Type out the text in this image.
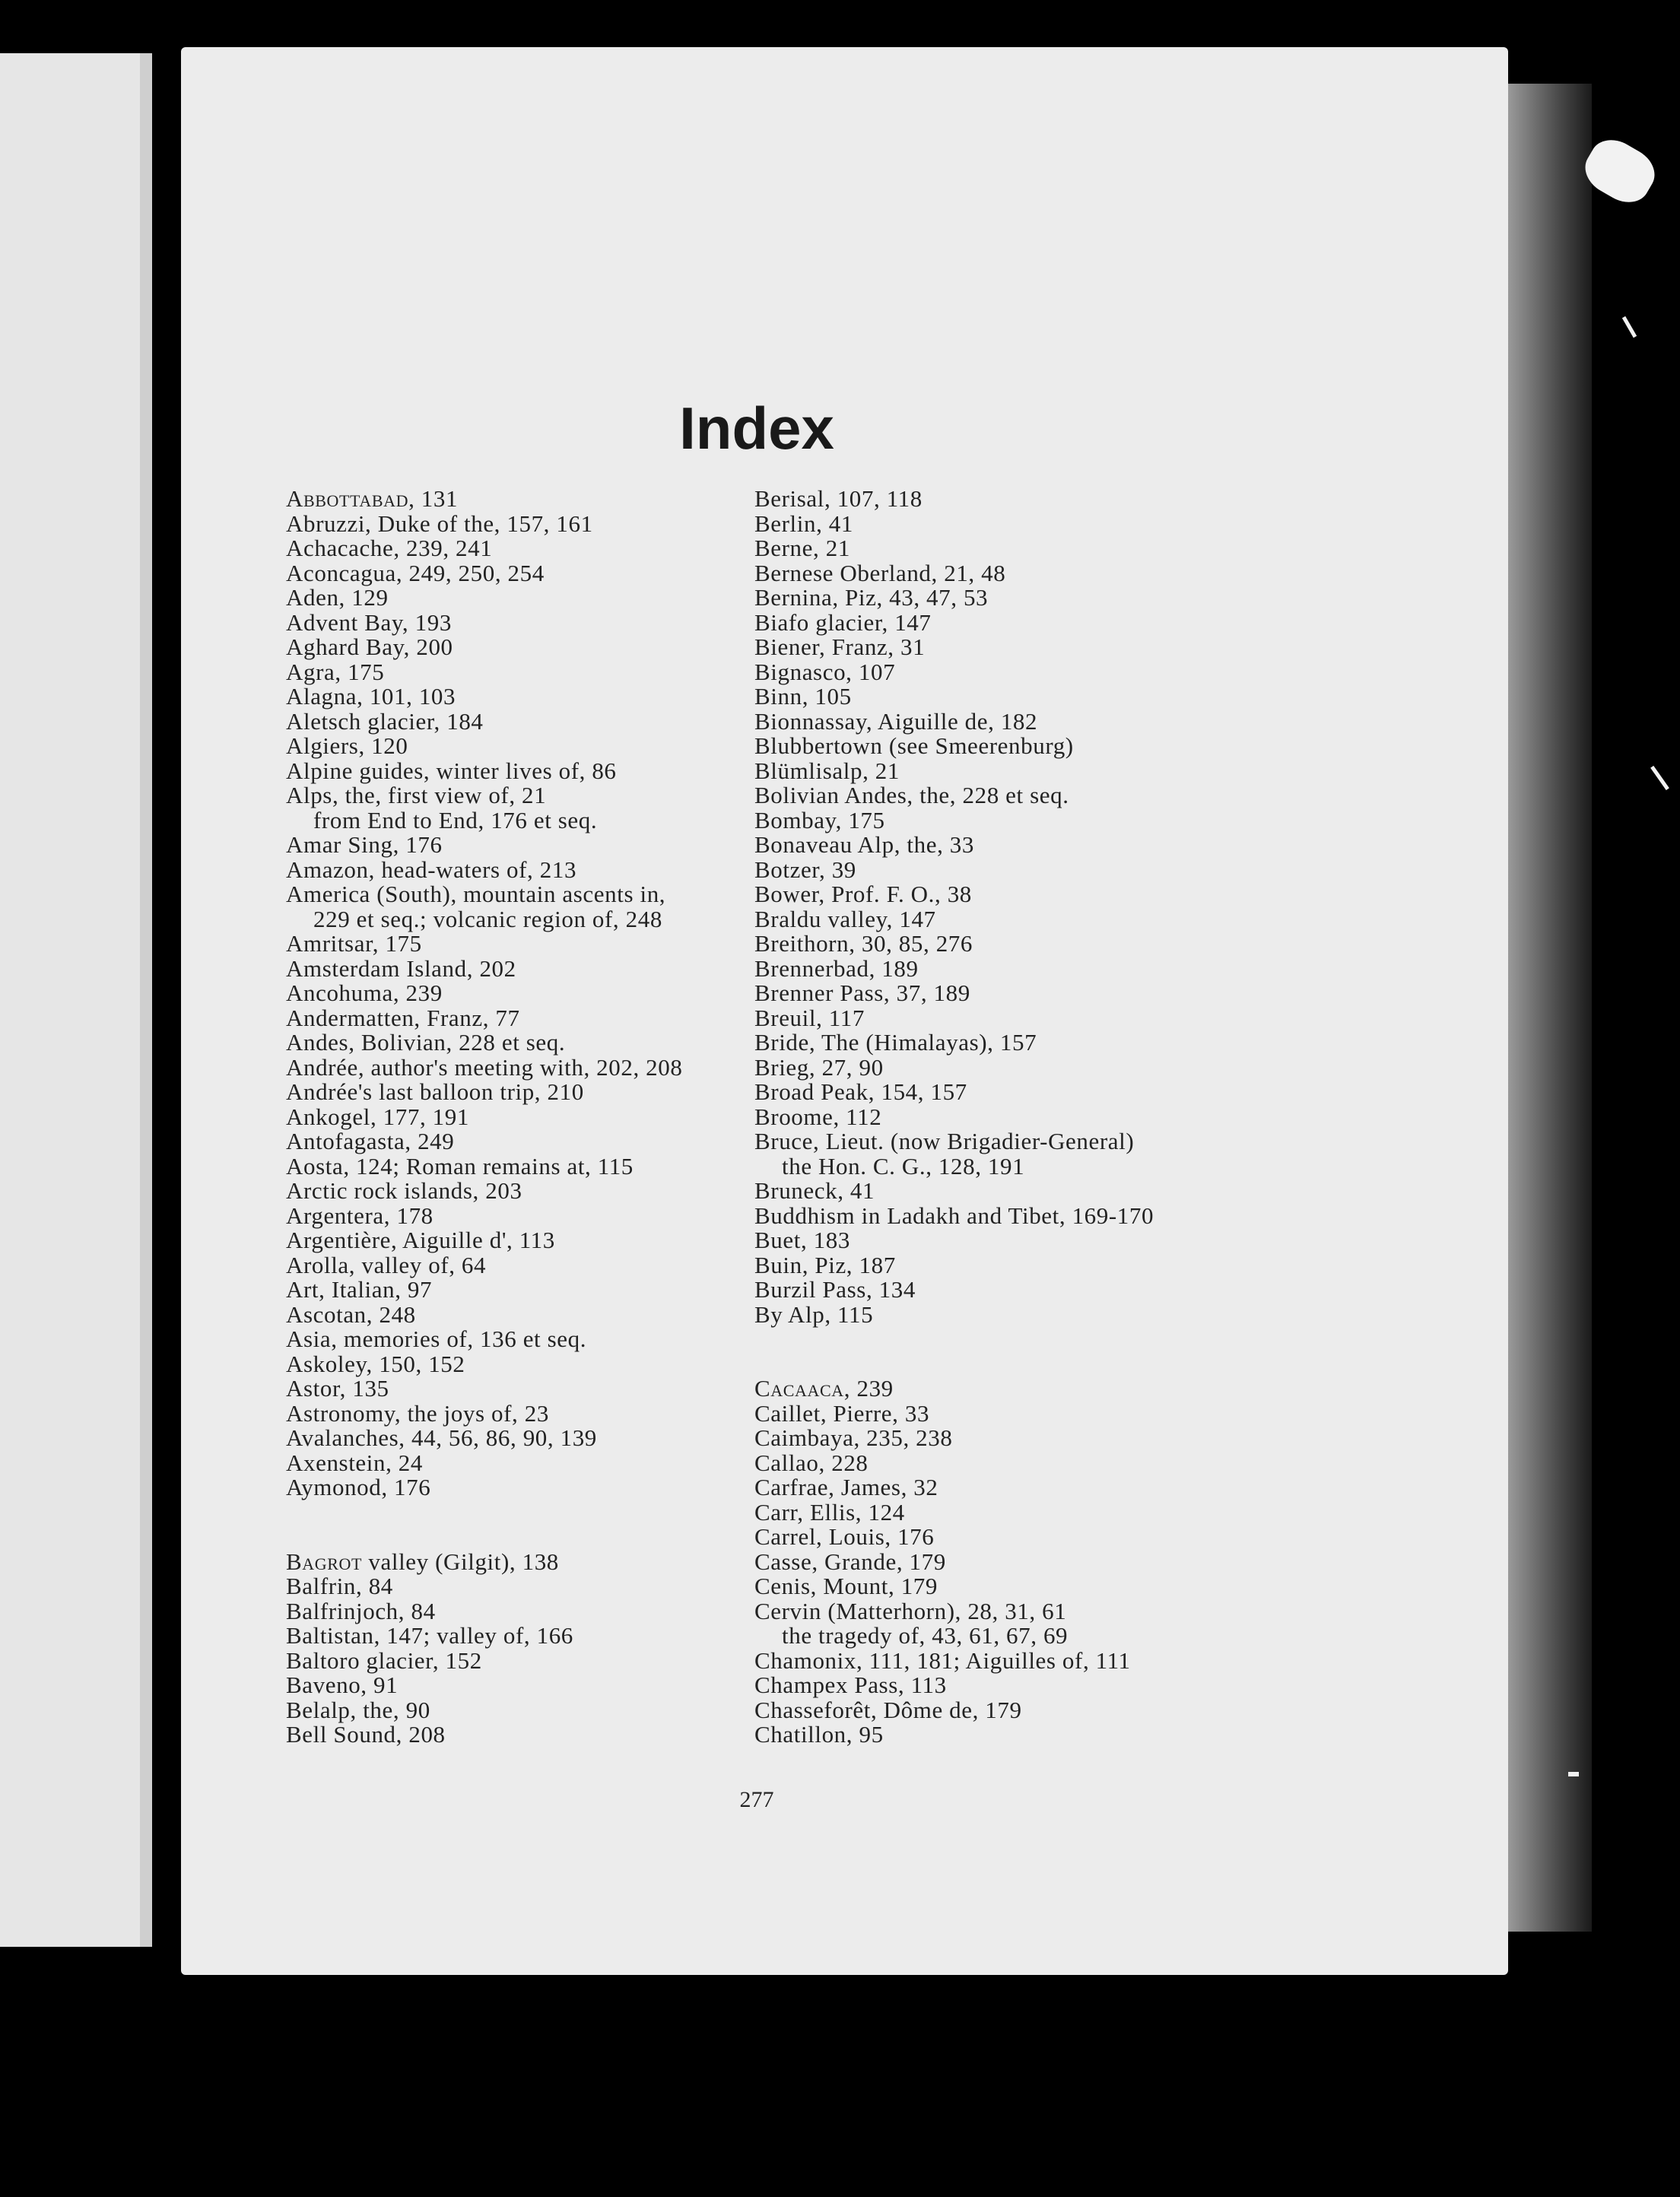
Index
Abbottabad, 131
Abruzzi, Duke of the, 157, 161
Achacache, 239, 241
Aconcagua, 249, 250, 254
Aden, 129
Advent Bay, 193
Aghard Bay, 200
Agra, 175
Alagna, 101, 103
Aletsch glacier, 184
Algiers, 120
Alpine guides, winter lives of, 86
Alps, the, first view of, 21
from End to End, 176 et seq.
Amar Sing, 176
Amazon, head-waters of, 213
America (South), mountain ascents in,
229 et seq.; volcanic region of, 248
Amritsar, 175
Amsterdam Island, 202
Ancohuma, 239
Andermatten, Franz, 77
Andes, Bolivian, 228 et seq.
Andrée, author's meeting with, 202, 208
Andrée's last balloon trip, 210
Ankogel, 177, 191
Antofagasta, 249
Aosta, 124; Roman remains at, 115
Arctic rock islands, 203
Argentera, 178
Argentière, Aiguille d', 113
Arolla, valley of, 64
Art, Italian, 97
Ascotan, 248
Asia, memories of, 136 et seq.
Askoley, 150, 152
Astor, 135
Astronomy, the joys of, 23
Avalanches, 44, 56, 86, 90, 139
Axenstein, 24
Aymonod, 176
Bagrot valley (Gilgit), 138
Balfrin, 84
Balfrinjoch, 84
Baltistan, 147; valley of, 166
Baltoro glacier, 152
Baveno, 91
Belalp, the, 90
Bell Sound, 208
Berisal, 107, 118
Berlin, 41
Berne, 21
Bernese Oberland, 21, 48
Bernina, Piz, 43, 47, 53
Biafo glacier, 147
Biener, Franz, 31
Bignasco, 107
Binn, 105
Bionnassay, Aiguille de, 182
Blubbertown (see Smeerenburg)
Blümlisalp, 21
Bolivian Andes, the, 228 et seq.
Bombay, 175
Bonaveau Alp, the, 33
Botzer, 39
Bower, Prof. F. O., 38
Braldu valley, 147
Breithorn, 30, 85, 276
Brennerbad, 189
Brenner Pass, 37, 189
Breuil, 117
Bride, The (Himalayas), 157
Brieg, 27, 90
Broad Peak, 154, 157
Broome, 112
Bruce, Lieut. (now Brigadier-General)
the Hon. C. G., 128, 191
Bruneck, 41
Buddhism in Ladakh and Tibet, 169-170
Buet, 183
Buin, Piz, 187
Burzil Pass, 134
By Alp, 115
Cacaaca, 239
Caillet, Pierre, 33
Caimbaya, 235, 238
Callao, 228
Carfrae, James, 32
Carr, Ellis, 124
Carrel, Louis, 176
Casse, Grande, 179
Cenis, Mount, 179
Cervin (Matterhorn), 28, 31, 61
the tragedy of, 43, 61, 67, 69
Chamonix, 111, 181; Aiguilles of, 111
Champex Pass, 113
Chasseforêt, Dôme de, 179
Chatillon, 95
277
